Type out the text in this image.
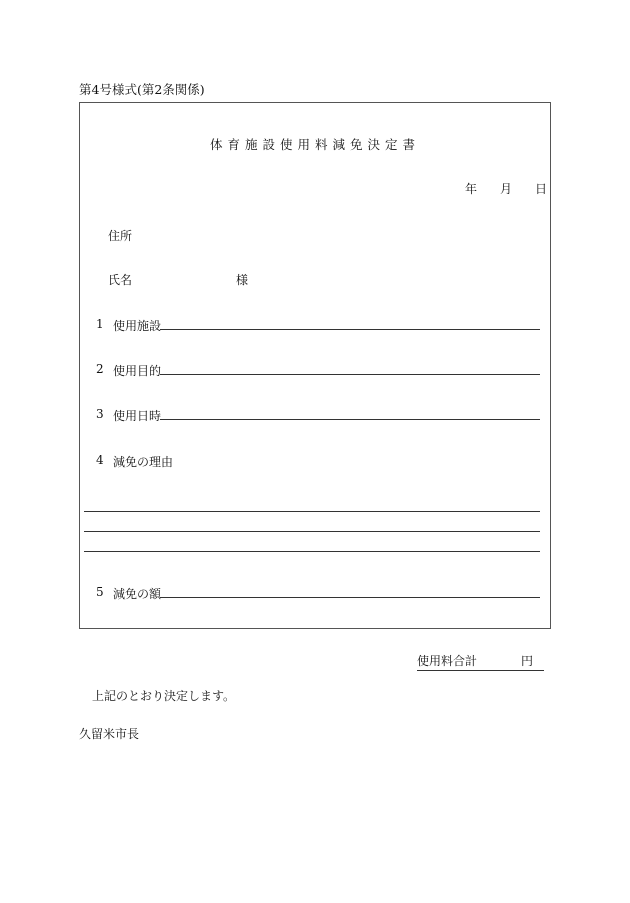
第4号様式(第2条関係)
体育施設使用料減免決定書
年 月 日
住所
氏名	様
1 使用施設
2 使用目的
3 使用日時
4 減免の理由
5 減免の額
使用料合計	円
上記のとおり決定します。
久留米市長
